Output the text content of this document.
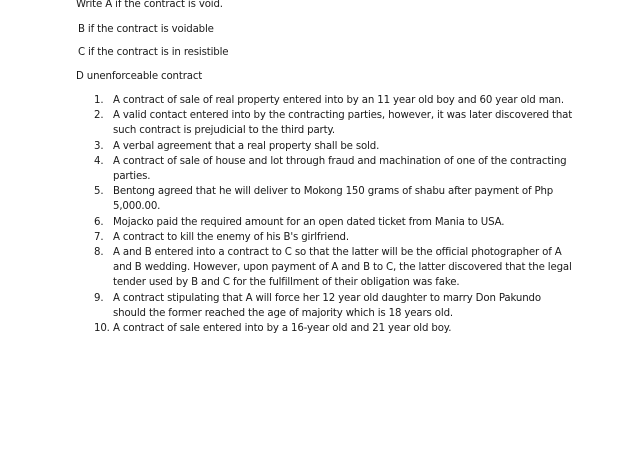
Write A if the contract is void.
B if the contract is voidable
C if the contract is in resistible
D unenforceable contract
1. A contract of sale of real property entered into by an 11 year old boy and 60 year old man.
2. A valid contact entered into by the contracting parties, however, it was later discovered that such contract is prejudicial to the third party.
3. A verbal agreement that a real property shall be sold.
4. A contract of sale of house and lot through fraud and machination of one of the contracting parties.
5. Bentong agreed that he will deliver to Mokong 150 grams of shabu after payment of Php 5,000.00.
6. Mojacko paid the required amount for an open dated ticket from Mania to USA.
7. A contract to kill the enemy of his B's girlfriend.
8. A and B entered into a contract to C so that the latter will be the official photographer of A and B wedding. However, upon payment of A and B to C, the latter discovered that the legal tender used by B and C for the fulfillment of their obligation was fake.
9. A contract stipulating that A will force her 12 year old daughter to marry Don Pakundo should the former reached the age of majority which is 18 years old.
10. A contract of sale entered into by a 16-year old and 21 year old boy.
